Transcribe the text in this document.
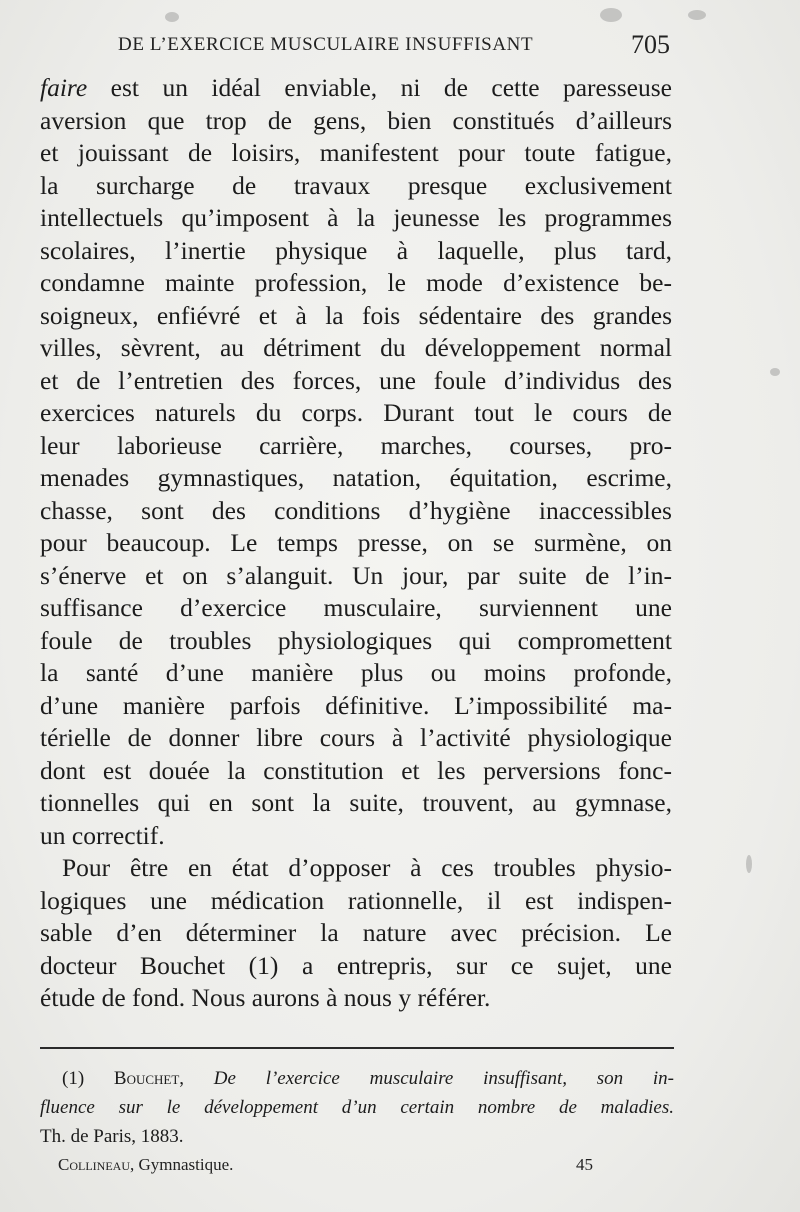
DE L’EXERCICE MUSCULAIRE INSUFFISANT	705
faire est un idéal enviable, ni de cette paresseuse
aversion que trop de gens, bien constitués d’ailleurs
et jouissant de loisirs, manifestent pour toute fatigue,
la surcharge de travaux presque exclusivement
intellectuels qu’imposent à la jeunesse les programmes
scolaires, l’inertie physique à laquelle, plus tard,
condamne mainte profession, le mode d’existence be-
soigneux, enfiévré et à la fois sédentaire des grandes
villes, sèvrent, au détriment du développement normal
et de l’entretien des forces, une foule d’individus des
exercices naturels du corps. Durant tout le cours de
leur laborieuse carrière, marches, courses, pro-
menades gymnastiques, natation, équitation, escrime,
chasse, sont des conditions d’hygiène inaccessibles
pour beaucoup. Le temps presse, on se surmène, on
s’énerve et on s’alanguit. Un jour, par suite de l’in-
suffisance d’exercice musculaire, surviennent une
foule de troubles physiologiques qui compromettent
la santé d’une manière plus ou moins profonde,
d’une manière parfois définitive. L’impossibilité ma-
térielle de donner libre cours à l’activité physiologique
dont est douée la constitution et les perversions fonc-
tionnelles qui en sont la suite, trouvent, au gymnase,
un correctif.
Pour être en état d’opposer à ces troubles physio-
logiques une médication rationnelle, il est indispen-
sable d’en déterminer la nature avec précision. Le
docteur Bouchet (1) a entrepris, sur ce sujet, une
étude de fond. Nous aurons à nous y référer.
(1) Bouchet, De l’exercice musculaire insuffisant, son in-
fluence sur le développement d’un certain nombre de maladies.
Th. de Paris, 1883.
Collineau, Gymnastique.	45
